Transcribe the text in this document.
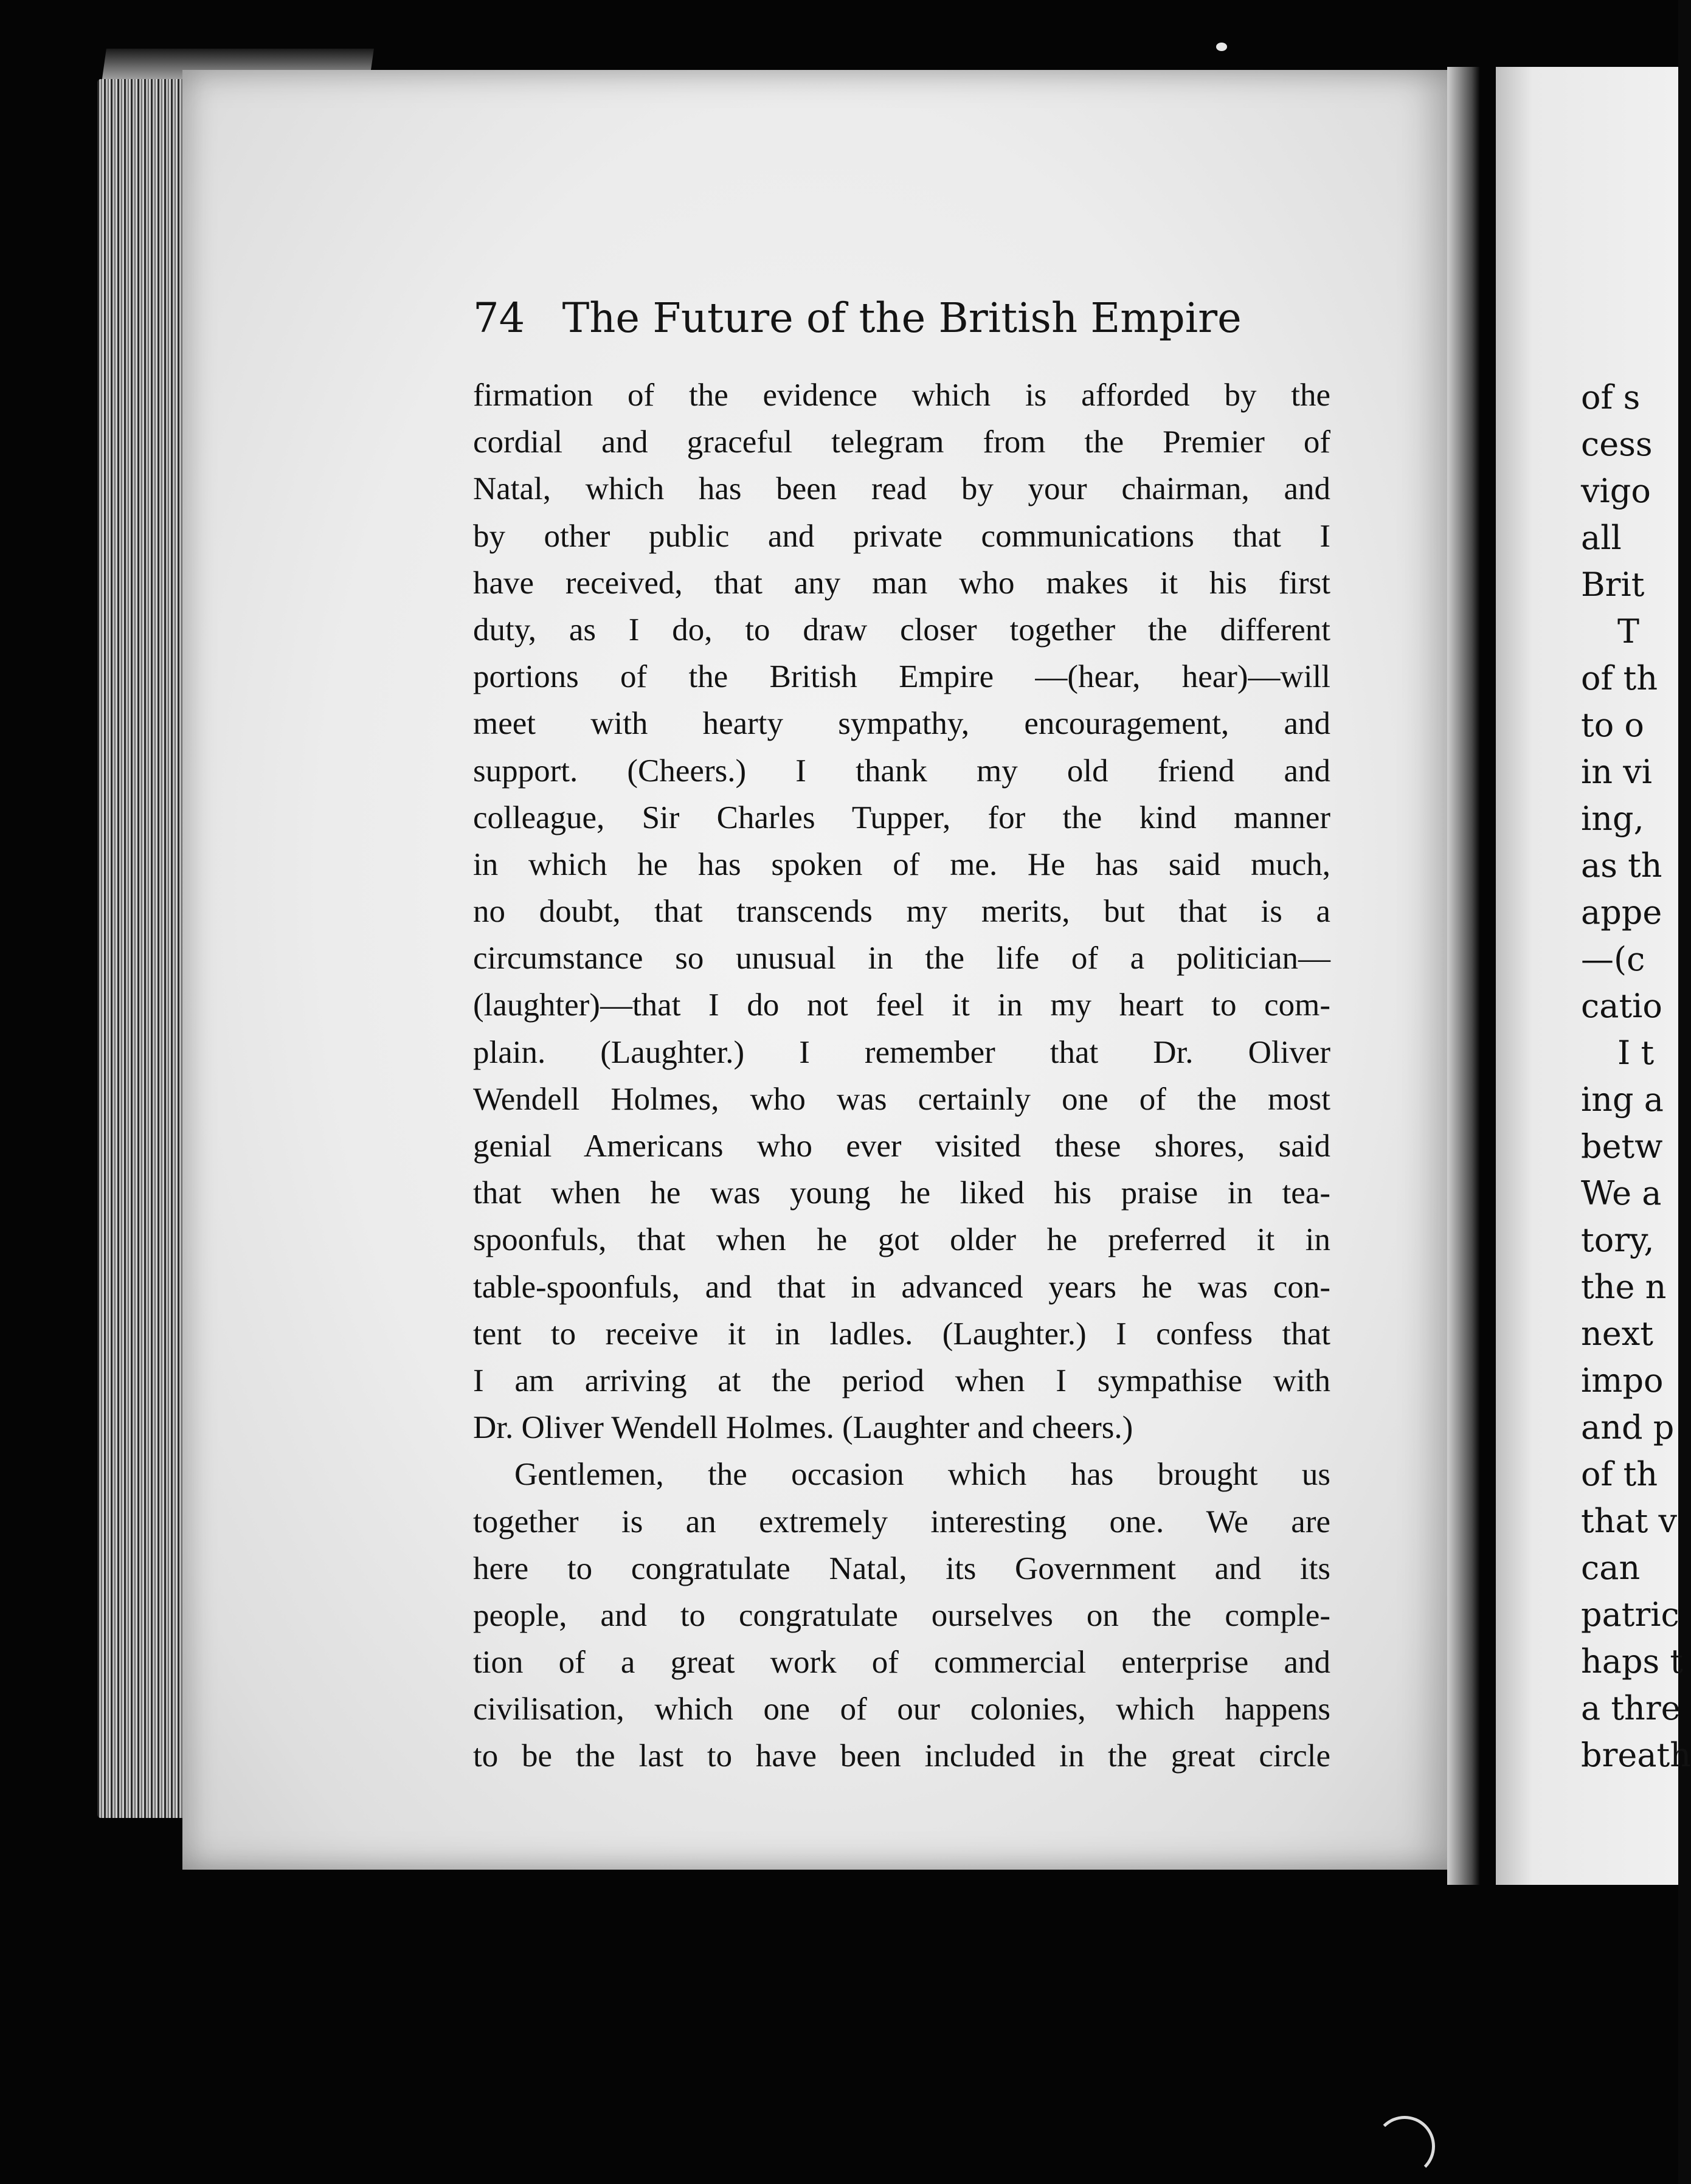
of s
cess
vigo
all
Brit
T
of th
to o
in vi
ing,
as th
appe
—(c
catio
I t
ing a
betw
We a
tory,
the n
next
impo
and p
of th
that v
can
patric
haps t
a thre
breath
74 The Future of the British Empire
firmation of the evidence which is afforded by the
cordial and graceful telegram from the Premier of
Natal, which has been read by your chairman, and
by other public and private communications that I
have received, that any man who makes it his first
duty, as I do, to draw closer together the different
portions of the British Empire —(hear, hear)—will
meet with hearty sympathy, encouragement, and
support. (Cheers.) I thank my old friend and
colleague, Sir Charles Tupper, for the kind manner
in which he has spoken of me. He has said much,
no doubt, that transcends my merits, but that is a
circumstance so unusual in the life of a politician—
(laughter)—that I do not feel it in my heart to com-
plain. (Laughter.) I remember that Dr. Oliver
Wendell Holmes, who was certainly one of the most
genial Americans who ever visited these shores, said
that when he was young he liked his praise in tea-
spoonfuls, that when he got older he preferred it in
table-spoonfuls, and that in advanced years he was con-
tent to receive it in ladles. (Laughter.) I confess that
I am arriving at the period when I sympathise with
Dr. Oliver Wendell Holmes. (Laughter and cheers.)
Gentlemen, the occasion which has brought us
together is an extremely interesting one. We are
here to congratulate Natal, its Government and its
people, and to congratulate ourselves on the comple-
tion of a great work of commercial enterprise and
civilisation, which one of our colonies, which happens
to be the last to have been included in the great circle
